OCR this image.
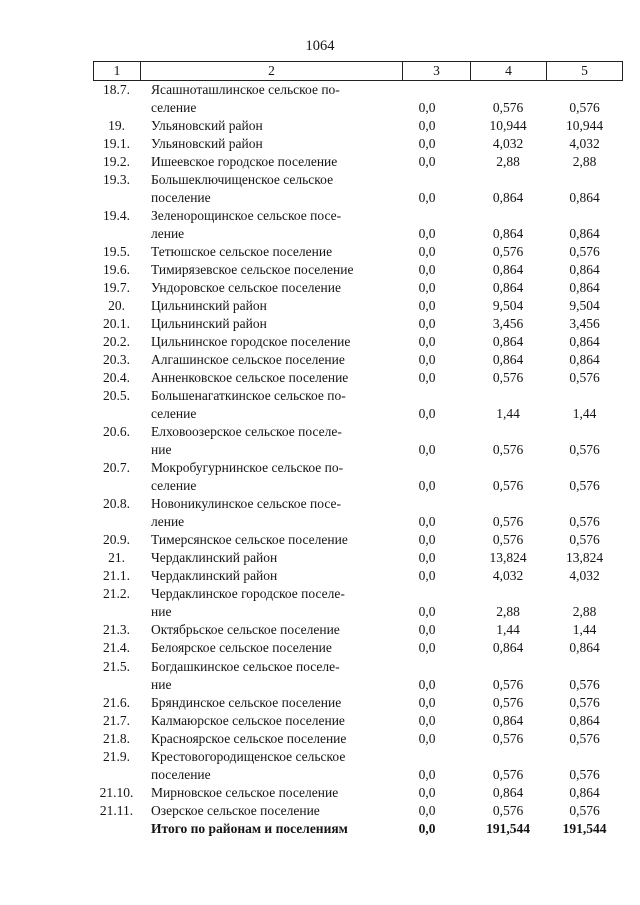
1064
1	2	3	4	5
18.7.	Ясашноташлинское сельское по-
селение	0,0	0,576	0,576
19.	Ульяновский район	0,0	10,944	10,944
19.1.	Ульяновский район	0,0	4,032	4,032
19.2.	Ишеевское городское поселение	0,0	2,88	2,88
19.3.	Большеключищенское сельское
поселение	0,0	0,864	0,864
19.4.	Зеленорощинское сельское посе-
ление	0,0	0,864	0,864
19.5.	Тетюшское сельское поселение	0,0	0,576	0,576
19.6.	Тимирязевское сельское поселение	0,0	0,864	0,864
19.7.	Ундоровское сельское поселение	0,0	0,864	0,864
20.	Цильнинский район	0,0	9,504	9,504
20.1.	Цильнинский район	0,0	3,456	3,456
20.2.	Цильнинское городское поселение	0,0	0,864	0,864
20.3.	Алгашинское сельское поселение	0,0	0,864	0,864
20.4.	Анненковское сельское поселение	0,0	0,576	0,576
20.5.	Большенагаткинское сельское по-
селение	0,0	1,44	1,44
20.6.	Елховоозерское сельское поселе-
ние	0,0	0,576	0,576
20.7.	Мокробугурнинское сельское по-
селение	0,0	0,576	0,576
20.8.	Новоникулинское сельское посе-
ление	0,0	0,576	0,576
20.9.	Тимерсянское сельское поселение	0,0	0,576	0,576
21.	Чердаклинский район	0,0	13,824	13,824
21.1.	Чердаклинский район	0,0	4,032	4,032
21.2.	Чердаклинское городское поселе-
ние	0,0	2,88	2,88
21.3.	Октябрьское сельское поселение	0,0	1,44	1,44
21.4.	Белоярское сельское поселение	0,0	0,864	0,864
21.5.	Богдашкинское сельское поселе-
ние	0,0	0,576	0,576
21.6.	Бряндинское сельское поселение	0,0	0,576	0,576
21.7.	Калмаюрское сельское поселение	0,0	0,864	0,864
21.8.	Красноярское сельское поселение	0,0	0,576	0,576
21.9.	Крестовогородищенское сельское
поселение	0,0	0,576	0,576
21.10.	Мирновское сельское поселение	0,0	0,864	0,864
21.11.	Озерское сельское поселение	0,0	0,576	0,576
Итого по районам и поселениям	0,0	191,544	191,544
